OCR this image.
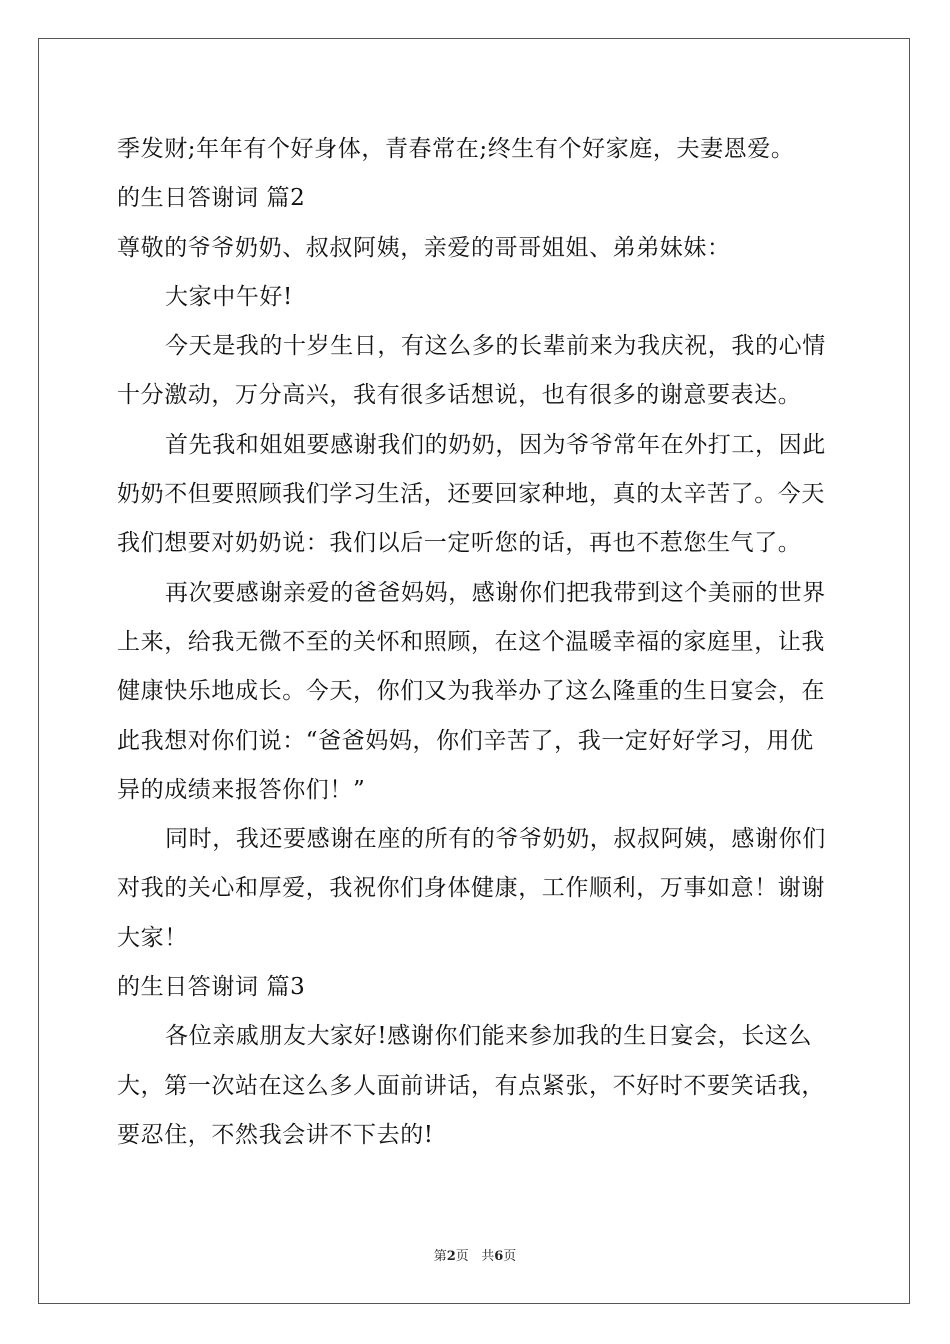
季发财;年年有个好身体，青春常在;终生有个好家庭，夫妻恩爱。
的生日答谢词 篇2
尊敬的爷爷奶奶、叔叔阿姨，亲爱的哥哥姐姐、弟弟妹妹：
大家中午好!
今天是我的十岁生日，有这么多的长辈前来为我庆祝，我的心情
十分激动，万分高兴，我有很多话想说，也有很多的谢意要表达。
首先我和姐姐要感谢我们的奶奶，因为爷爷常年在外打工，因此
奶奶不但要照顾我们学习生活，还要回家种地，真的太辛苦了。今天
我们想要对奶奶说：我们以后一定听您的话，再也不惹您生气了。
再次要感谢亲爱的爸爸妈妈，感谢你们把我带到这个美丽的世界
上来，给我无微不至的关怀和照顾，在这个温暖幸福的家庭里，让我
健康快乐地成长。今天，你们又为我举办了这么隆重的生日宴会，在
此我想对你们说：“爸爸妈妈，你们辛苦了，我一定好好学习，用优
异的成绩来报答你们！”
同时，我还要感谢在座的所有的爷爷奶奶，叔叔阿姨，感谢你们
对我的关心和厚爱，我祝你们身体健康，工作顺利，万事如意！谢谢
大家！
的生日答谢词 篇3
各位亲戚朋友大家好!感谢你们能来参加我的生日宴会，长这么
大，第一次站在这么多人面前讲话，有点紧张，不好时不要笑话我，
要忍住，不然我会讲不下去的!
第2页 共6页
